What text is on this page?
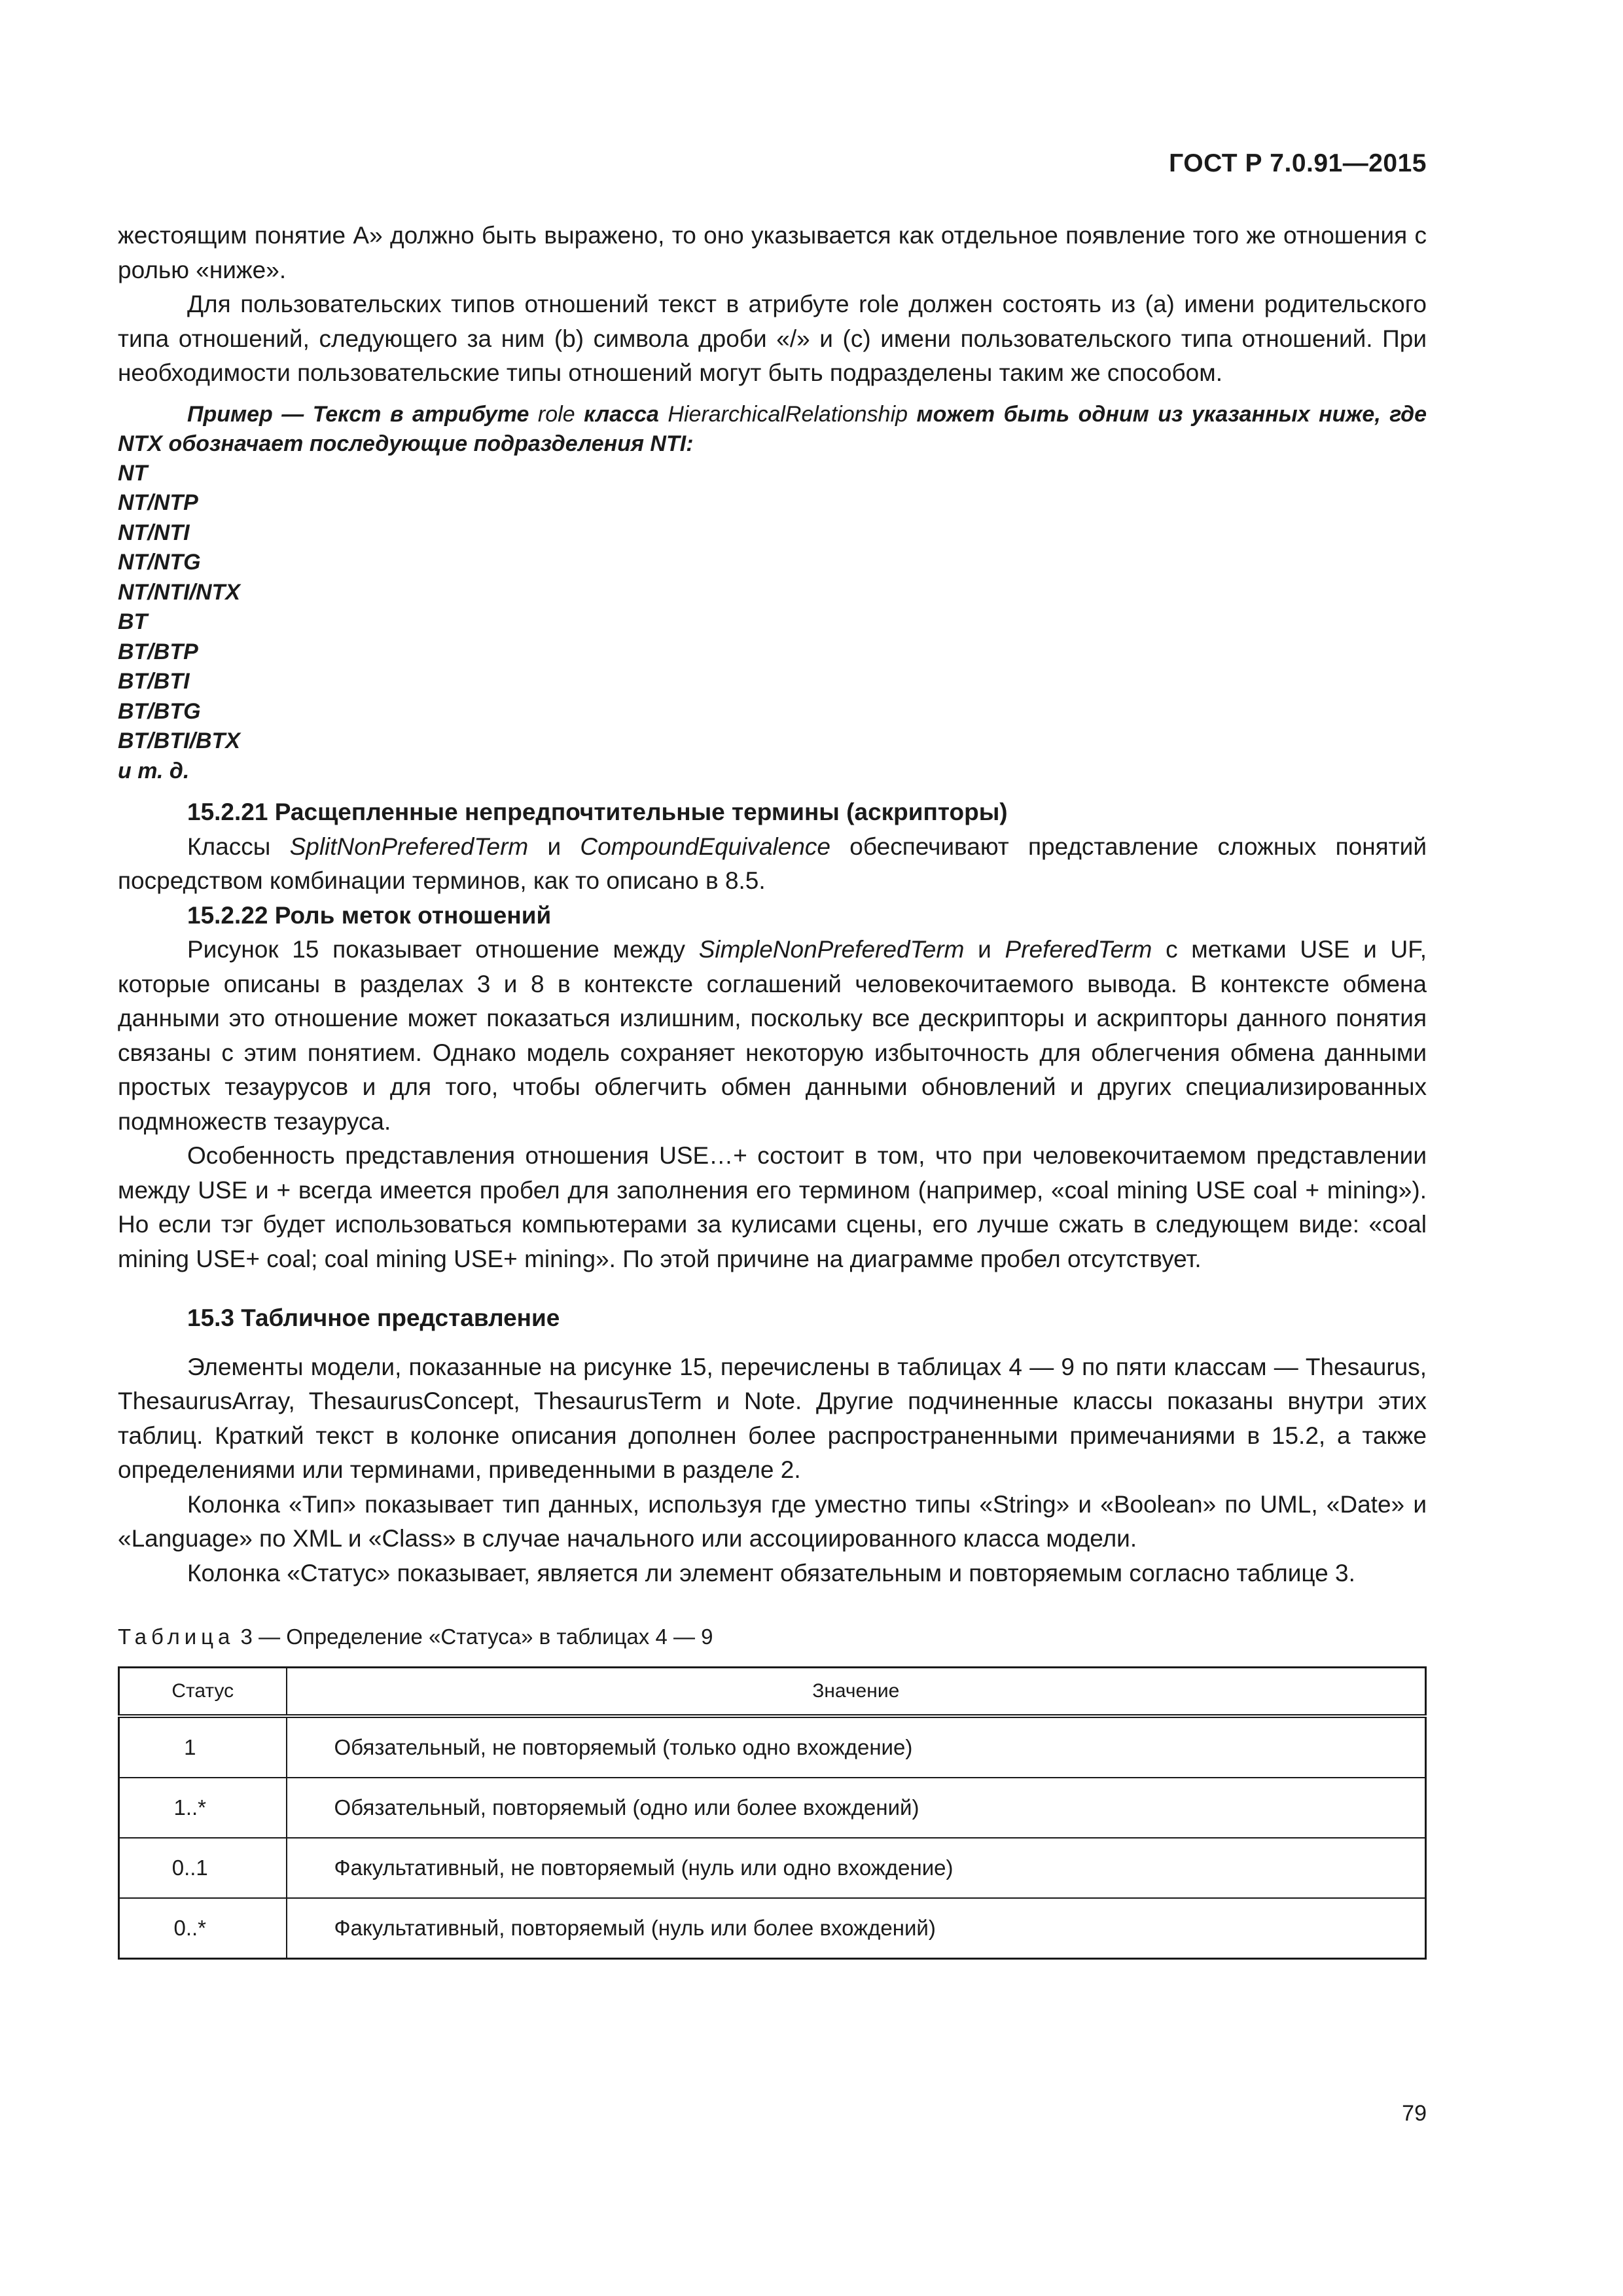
ГОСТ Р 7.0.91—2015

жестоящим понятие A» должно быть выражено, то оно указывается как отдельное появление того же отношения с ролью «ниже».

Для пользовательских типов отношений текст в атрибуте role должен состоять из (a) имени родительского типа отношений, следующего за ним (b) символа дроби «/» и (c) имени пользовательского типа отношений. При необходимости пользовательские типы отношений могут быть подразделены таким же способом.

Пример — Текст в атрибуте role класса HierarchicalRelationship может быть одним из указанных ниже, где NTX обозначает последующие подразделения NTI:

NT
NT/NTP
NT/NTI
NT/NTG
NT/NTI/NTX
BT
BT/BTP
BT/BTI
BT/BTG
BT/BTI/BTX
и т. д.
15.2.21 Расщепленные непредпочтительные термины (аскрипторы)

Классы SplitNonPreferedTerm и CompoundEquivalence обеспечивают представление сложных понятий посредством комбинации терминов, как то описано в 8.5.

15.2.22 Роль меток отношений

Рисунок 15 показывает отношение между SimpleNonPreferedTerm и PreferedTerm с метками USE и UF, которые описаны в разделах 3 и 8 в контексте соглашений человекочитаемого вывода. В контексте обмена данными это отношение может показаться излишним, поскольку все дескрипторы и аскрипторы данного понятия связаны с этим понятием. Однако модель сохраняет некоторую избыточность для облегчения обмена данными простых тезаурусов и для того, чтобы облегчить обмен данными обновлений и других специализированных подмножеств тезауруса.

Особенность представления отношения USE…+ состоит в том, что при человекочитаемом представлении между USE и + всегда имеется пробел для заполнения его термином (например, «coal mining USE coal + mining»). Но если тэг будет использоваться компьютерами за кулисами сцены, его лучше сжать в следующем виде: «coal mining USE+ coal; coal mining USE+ mining». По этой причине на диаграмме пробел отсутствует.

15.3 Табличное представление

Элементы модели, показанные на рисунке 15, перечислены в таблицах 4 — 9 по пяти классам — Thesaurus, ThesaurusArray, ThesaurusConcept, ThesaurusTerm и Note. Другие подчиненные классы показаны внутри этих таблиц. Краткий текст в колонке описания дополнен более распространенными примечаниями в 15.2, а также определениями или терминами, приведенными в разделе 2.

Колонка «Тип» показывает тип данных, используя где уместно типы «String» и «Boolean» по UML, «Date» и «Language» по XML и «Class» в случае начального или ассоциированного класса модели.

Колонка «Статус» показывает, является ли элемент обязательным и повторяемым согласно таблице 3.

Таблица 3 — Определение «Статуса» в таблицах 4 — 9
Статус	Значение
1	Обязательный, не повторяемый (только одно вхождение)
1..*	Обязательный, повторяемый (одно или более вхождений)
0..1	Факультативный, не повторяемый (нуль или одно вхождение)
0..*	Факультативный, повторяемый (нуль или более вхождений)
79
